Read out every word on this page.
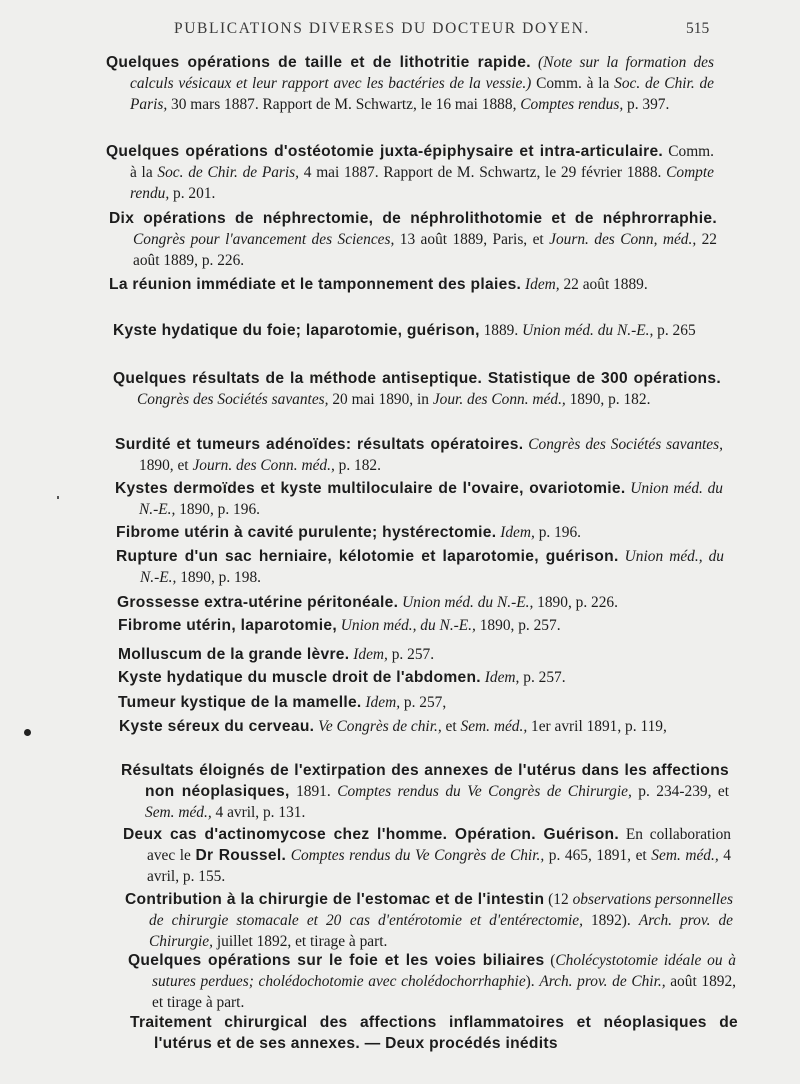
PUBLICATIONS DIVERSES DU DOCTEUR DOYEN.	515
Quelques opérations de taille et de lithotritie rapide. (Note sur la formation des calculs vésicaux et leur rapport avec les bactéries de la vessie.) Comm. à la Soc. de Chir. de Paris, 30 mars 1887. Rapport de M. Schwartz, le 16 mai 1888, Comptes rendus, p. 397.
Quelques opérations d'ostéotomie juxta-épiphysaire et intra-articulaire. Comm. à la Soc. de Chir. de Paris, 4 mai 1887. Rapport de M. Schwartz, le 29 février 1888. Compte rendu, p. 201.
Dix opérations de néphrectomie, de néphrolithotomie et de néphrorraphie. Congrès pour l'avancement des Sciences, 13 août 1889, Paris, et Journ. des Conn, méd., 22 août 1889, p. 226.
La réunion immédiate et le tamponnement des plaies. Idem, 22 août 1889.
Kyste hydatique du foie; laparotomie, guérison, 1889. Union méd. du N.-E., p. 265
Quelques résultats de la méthode antiseptique. Statistique de 300 opérations. Congrès des Sociétés savantes, 20 mai 1890, in Jour. des Conn. méd., 1890, p. 182.
Surdité et tumeurs adénoïdes: résultats opératoires. Congrès des Sociétés savantes, 1890, et Journ. des Conn. méd., p. 182.
Kystes dermoïdes et kyste multiloculaire de l'ovaire, ovariotomie. Union méd. du N.-E., 1890, p. 196.
Fibrome utérin à cavité purulente; hystérectomie. Idem, p. 196.
Rupture d'un sac herniaire, kélotomie et laparotomie, guérison. Union méd., du N.-E., 1890, p. 198.
Grossesse extra-utérine péritonéale. Union méd. du N.-E., 1890, p. 226.
Fibrome utérin, laparotomie, Union méd., du N.-E., 1890, p. 257.
Molluscum de la grande lèvre. Idem, p. 257.
Kyste hydatique du muscle droit de l'abdomen. Idem, p. 257.
Tumeur kystique de la mamelle. Idem, p. 257,
Kyste séreux du cerveau. Ve Congrès de chir., et Sem. méd., 1er avril 1891, p. 119,
Résultats éloignés de l'extirpation des annexes de l'utérus dans les affections non néoplasiques, 1891. Comptes rendus du Ve Congrès de Chirurgie, p. 234-239, et Sem. méd., 4 avril, p. 131.
Deux cas d'actinomycose chez l'homme. Opération. Guérison. En collaboration avec le Dr Roussel. Comptes rendus du Ve Congrès de Chir., p. 465, 1891, et Sem. méd., 4 avril, p. 155.
Contribution à la chirurgie de l'estomac et de l'intestin (12 observations personnelles de chirurgie stomacale et 20 cas d'entérotomie et d'entérectomie, 1892). Arch. prov. de Chirurgie, juillet 1892, et tirage à part.
Quelques opérations sur le foie et les voies biliaires (Cholécystotomie idéale ou à sutures perdues; cholédochotomie avec cholédochorrhaphie). Arch. prov. de Chir., août 1892, et tirage à part.
Traitement chirurgical des affections inflammatoires et néoplasiques de l'utérus et de ses annexes. — Deux procédés inédits
